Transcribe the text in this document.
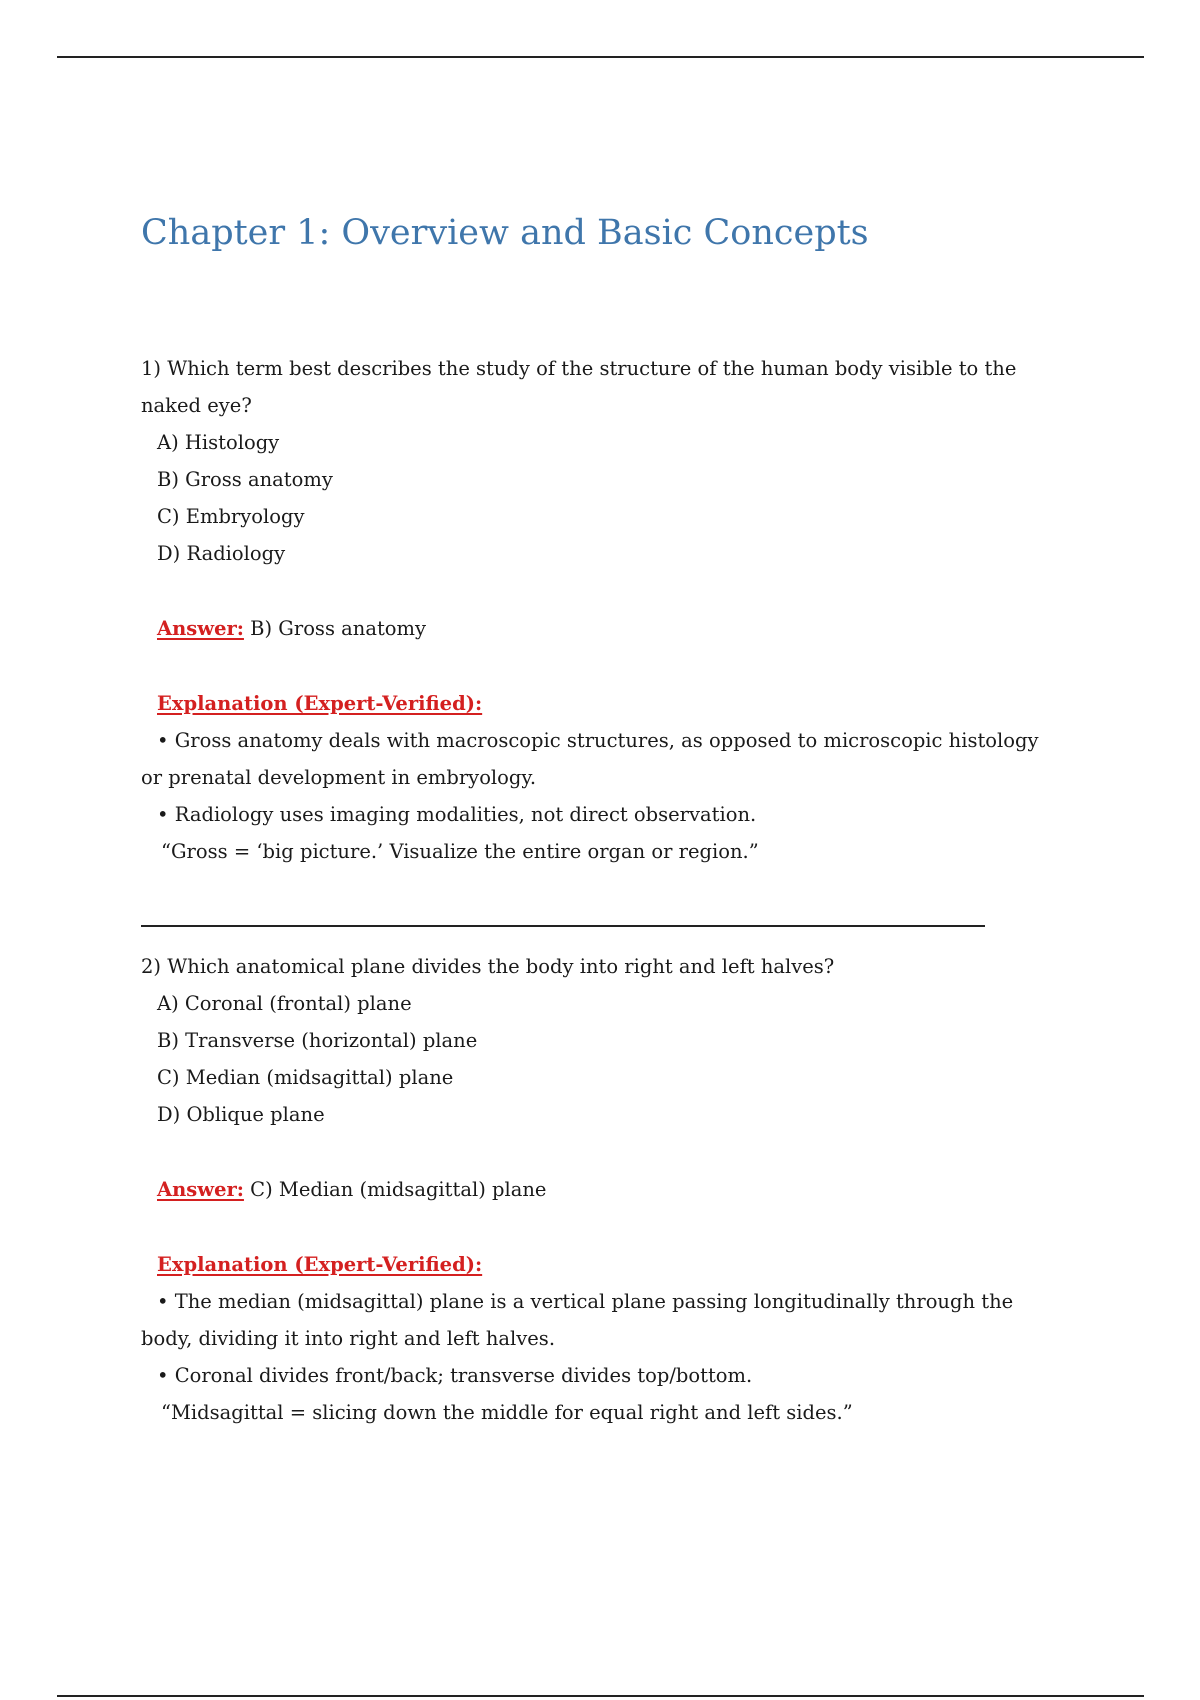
Chapter 1: Overview and Basic Concepts

1) Which term best describes the study of the structure of the human body visible to the naked eye?

A) Histology
B) Gross anatomy
C) Embryology
D) Radiology

Answer: B) Gross anatomy

Explanation (Expert-Verified):

• Gross anatomy deals with macroscopic structures, as opposed to microscopic histology or prenatal development in embryology.

• Radiology uses imaging modalities, not direct observation.

“Gross = ‘big picture.’ Visualize the entire organ or region.”

2) Which anatomical plane divides the body into right and left halves?

A) Coronal (frontal) plane
B) Transverse (horizontal) plane
C) Median (midsagittal) plane
D) Oblique plane

Answer: C) Median (midsagittal) plane

Explanation (Expert-Verified):

• The median (midsagittal) plane is a vertical plane passing longitudinally through the body, dividing it into right and left halves.

• Coronal divides front/back; transverse divides top/bottom.

“Midsagittal = slicing down the middle for equal right and left sides.”
